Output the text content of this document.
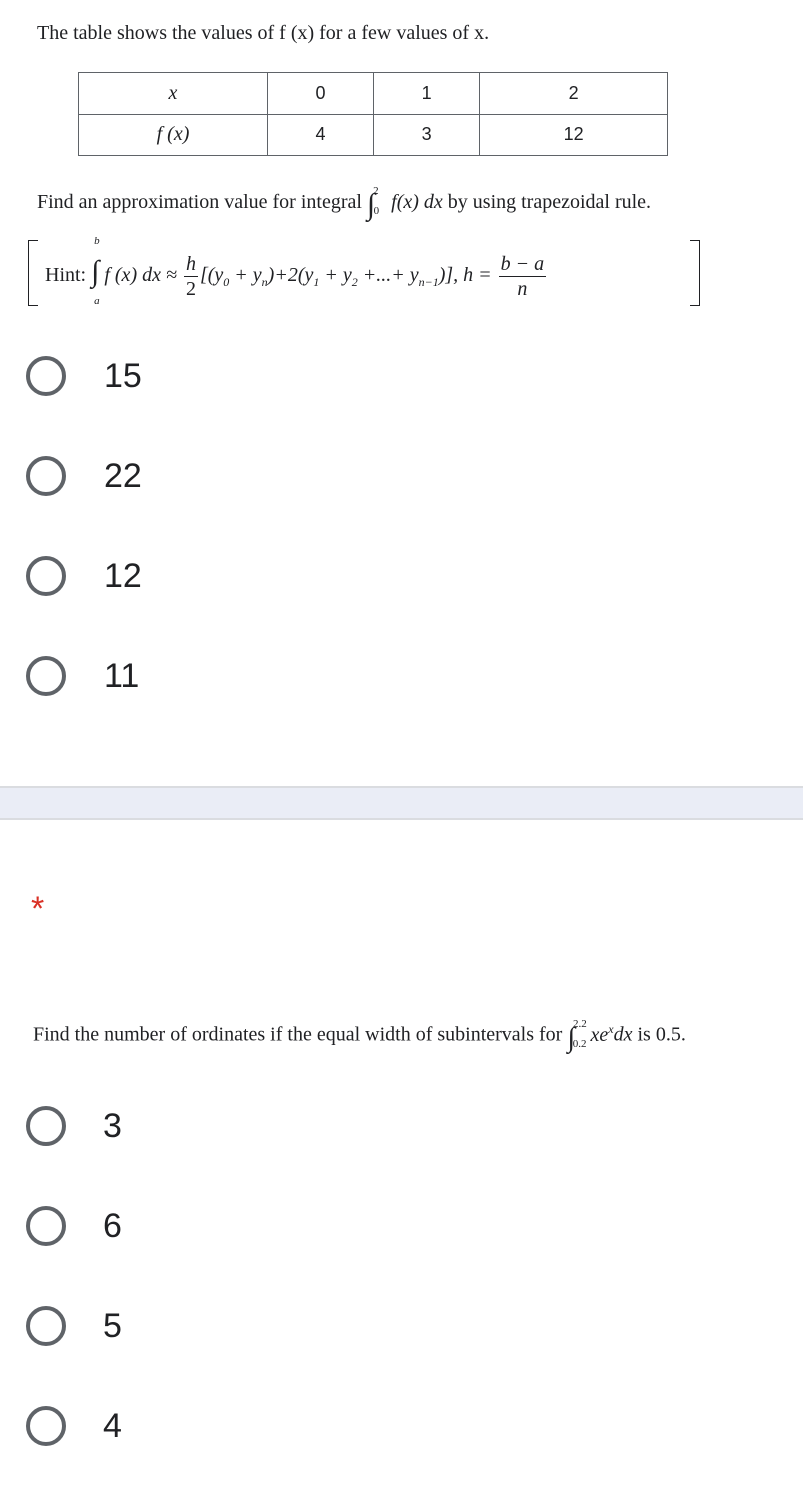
The table shows the values of f (x) for a few values of x.
x	0	1	2
f (x)	4	3	12
Find an approximation value for integral ∫$^2_0$ f(x) dx by using trapezoidal rule.
Hint: ∫
b
a
f (x) dx ≈ $\frac{h}{2} [(y_0 + y_n)+2(y_1 + y_2$ +...+ $y_{n-1}$)], $h = \frac{b - a}{n}$
15
22
12
11
*
Find the number of ordinates if the equal width of subintervals for ∫$^{2.2}_{0.2}$ $xe^xdx$ is 0.5.
3
6
5
4
